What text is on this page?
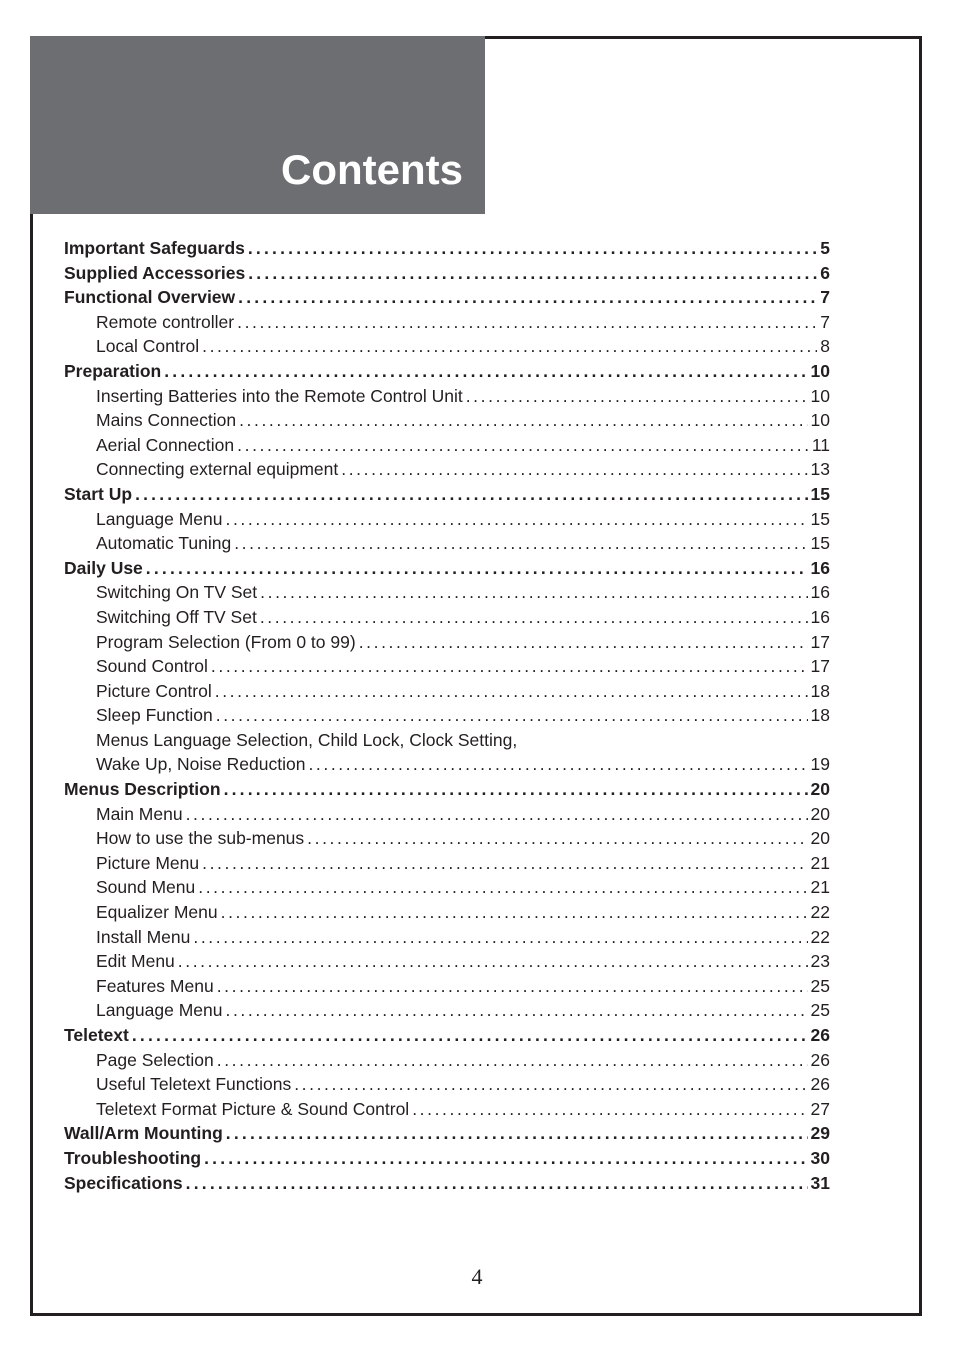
Contents
Important Safeguards .....	5
Supplied Accessories .....	6
Functional Overview .....	7
Remote controller .....	7
Local Control .....	8
Preparation .....	10
Inserting Batteries into the Remote Control Unit .....	10
Mains Connection .....	10
Aerial Connection .....	11
Connecting external equipment .....	13
Start Up .....	15
Language Menu .....	15
Automatic Tuning .....	15
Daily Use .....	16
Switching On TV Set .....	16
Switching Off TV Set .....	16
Program Selection (From 0 to 99) .....	17
Sound Control .....	17
Picture Control .....	18
Sleep Function .....	18
Menus Language Selection, Child Lock, Clock Setting,
Wake Up, Noise Reduction .....	19
Menus Description .....	20
Main Menu .....	20
How to use the sub-menus .....	20
Picture Menu .....	21
Sound Menu .....	21
Equalizer Menu .....	22
Install Menu .....	22
Edit Menu .....	23
Features Menu .....	25
Language Menu .....	25
Teletext .....	26
Page Selection .....	26
Useful Teletext Functions .....	26
Teletext Format Picture & Sound Control .....	27
Wall/Arm Mounting .....	29
Troubleshooting .....	30
Specifications .....	31
4
